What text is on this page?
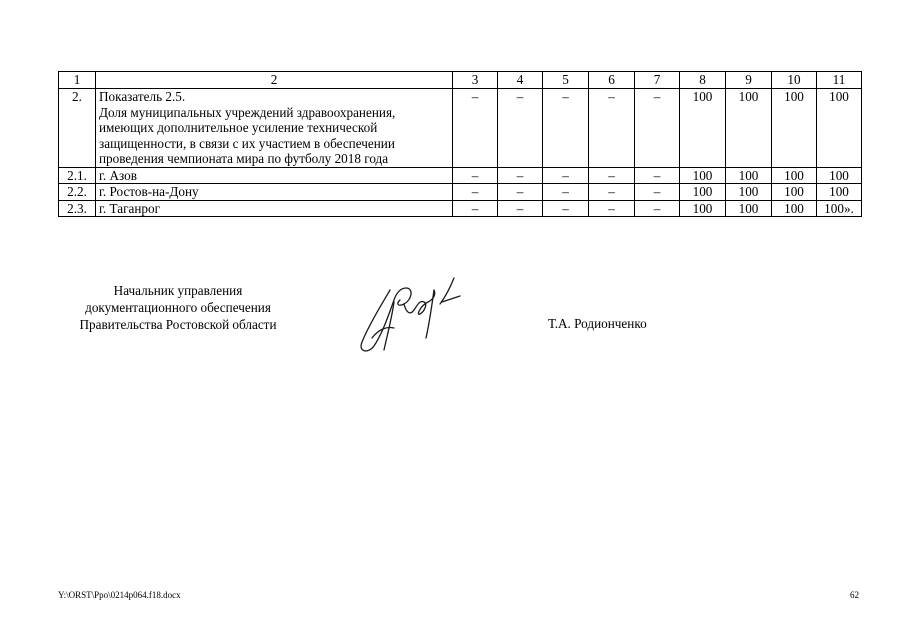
1	2	3	4	5	6	7	8	9	10	11
2.	Показатель 2.5.
Доля муниципальных учреждений здравоохранения,
имеющих дополнительное усиление технической
защищенности, в связи с их участием в обеспечении
проведения чемпионата мира по футболу 2018 года	–	–	–	–	–	100	100	100	100
2.1.	г. Азов	–	–	–	–	–	100	100	100	100
2.2.	г. Ростов-на-Дону	–	–	–	–	–	100	100	100	100
2.3.	г. Таганрог	–	–	–	–	–	100	100	100	100».
Начальник управления
документационного обеспечения
Правительства Ростовской области	Т.А. Родионченко
Y:\ORST\Ppo\0214p064.f18.docx	62
